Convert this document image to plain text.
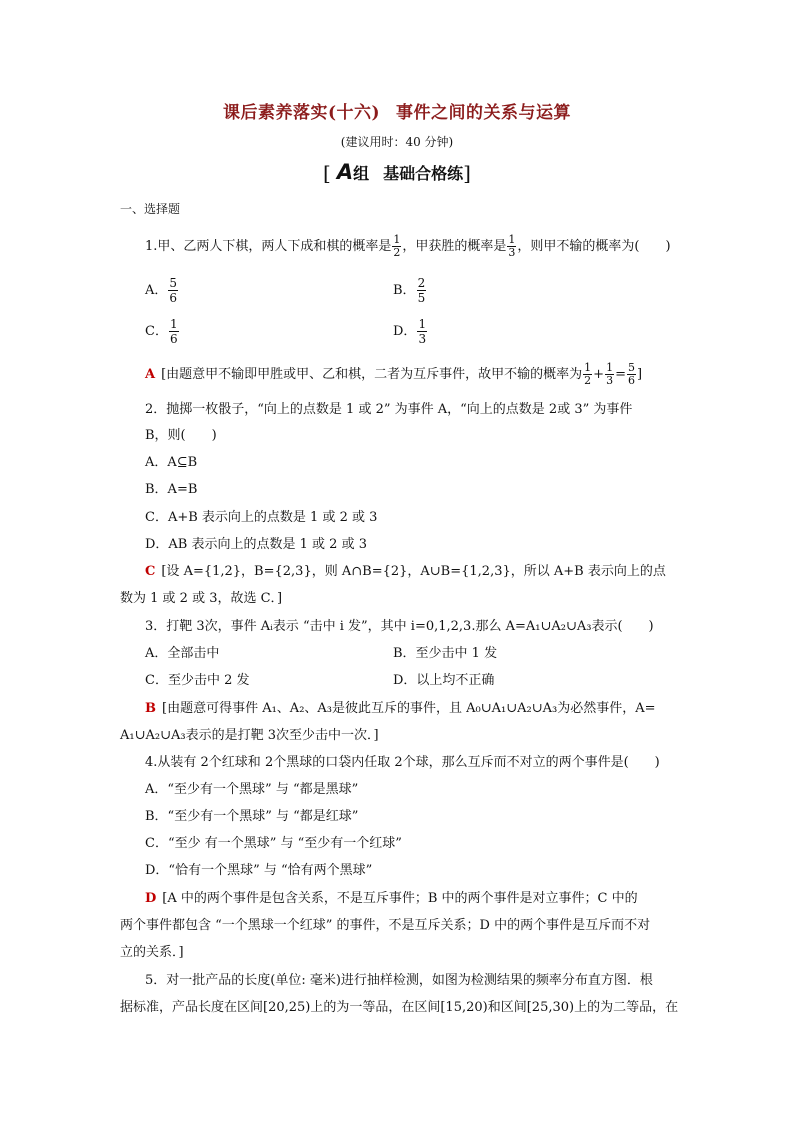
课后素养落实(十六) 事件之间的关系与运算
(建议用时：40 分钟)
[ A组 基础合格练]
一、选择题
1.甲、乙两人下棋，两人下成和棋的概率是 $\frac{1}{2}$ ，甲获胜的概率是 $\frac{1}{3}$ ，则甲不输的概率为(　　)
A． $\frac{5}{6}$	B． $\frac{2}{5}$
C． $\frac{1}{6}$	D． $\frac{1}{3}$
A [由题意甲不输即甲胜或甲、乙和棋，二者为互斥事件，故甲不输的概率为 $\frac{1}{2} + \frac{1}{3} = \frac{5}{6}$ ]
2．抛掷一枚骰子，“向上的点数是 1 或 2” 为事件 A，“向上的点数是 2或 3” 为事件
B，则(　　)
A．A⊆B
B．A=B
C．A+B 表示向上的点数是 1 或 2 或 3
D．AB 表示向上的点数是 1 或 2 或 3
C [设 A={1,2}，B={2,3}，则 A∩B={2}，A∪B={1,2,3}，所以 A+B 表示向上的点
数为 1 或 2 或 3，故选 C．]
3．打靶 3次，事件 Aᵢ表示 “击中 i 发”，其中 i=0,1,2,3.那么 A=A₁∪A₂∪A₃表示(　　)
A．全部击中	B．至少击中 1 发
C．至少击中 2 发	D．以上均不正确
B [由题意可得事件 A₁、A₂、A₃是彼此互斥的事件，且 A₀∪A₁∪A₂∪A₃为必然事件，A=
A₁∪A₂∪A₃表示的是打靶 3次至少击中一次．]
4.从装有 2个红球和 2个黑球的口袋内任取 2个球，那么互斥而不对立的两个事件是(　　)
A．“至少有一个黑球” 与 “都是黑球”
B．“至少有一个黑球” 与 “都是红球”
C．“至少 有一个黑球” 与 “至少有一个红球”
D．“恰有一个黑球” 与 “恰有两个黑球”
D [A 中的两个事件是包含关系，不是互斥事件；B 中的两个事件是对立事件；C 中的
两个事件都包含 “一个黑球一个红球” 的事件，不是互斥关系；D 中的两个事件是互斥而不对
立的关系．]
5．对一批产品的长度(单位: 毫米)进行抽样检测，如图为检测结果的频率分布直方图．根
据标准，产品长度在区间[20,25)上的为一等品，在区间[15,20)和区间[25,30)上的为二等品，在
